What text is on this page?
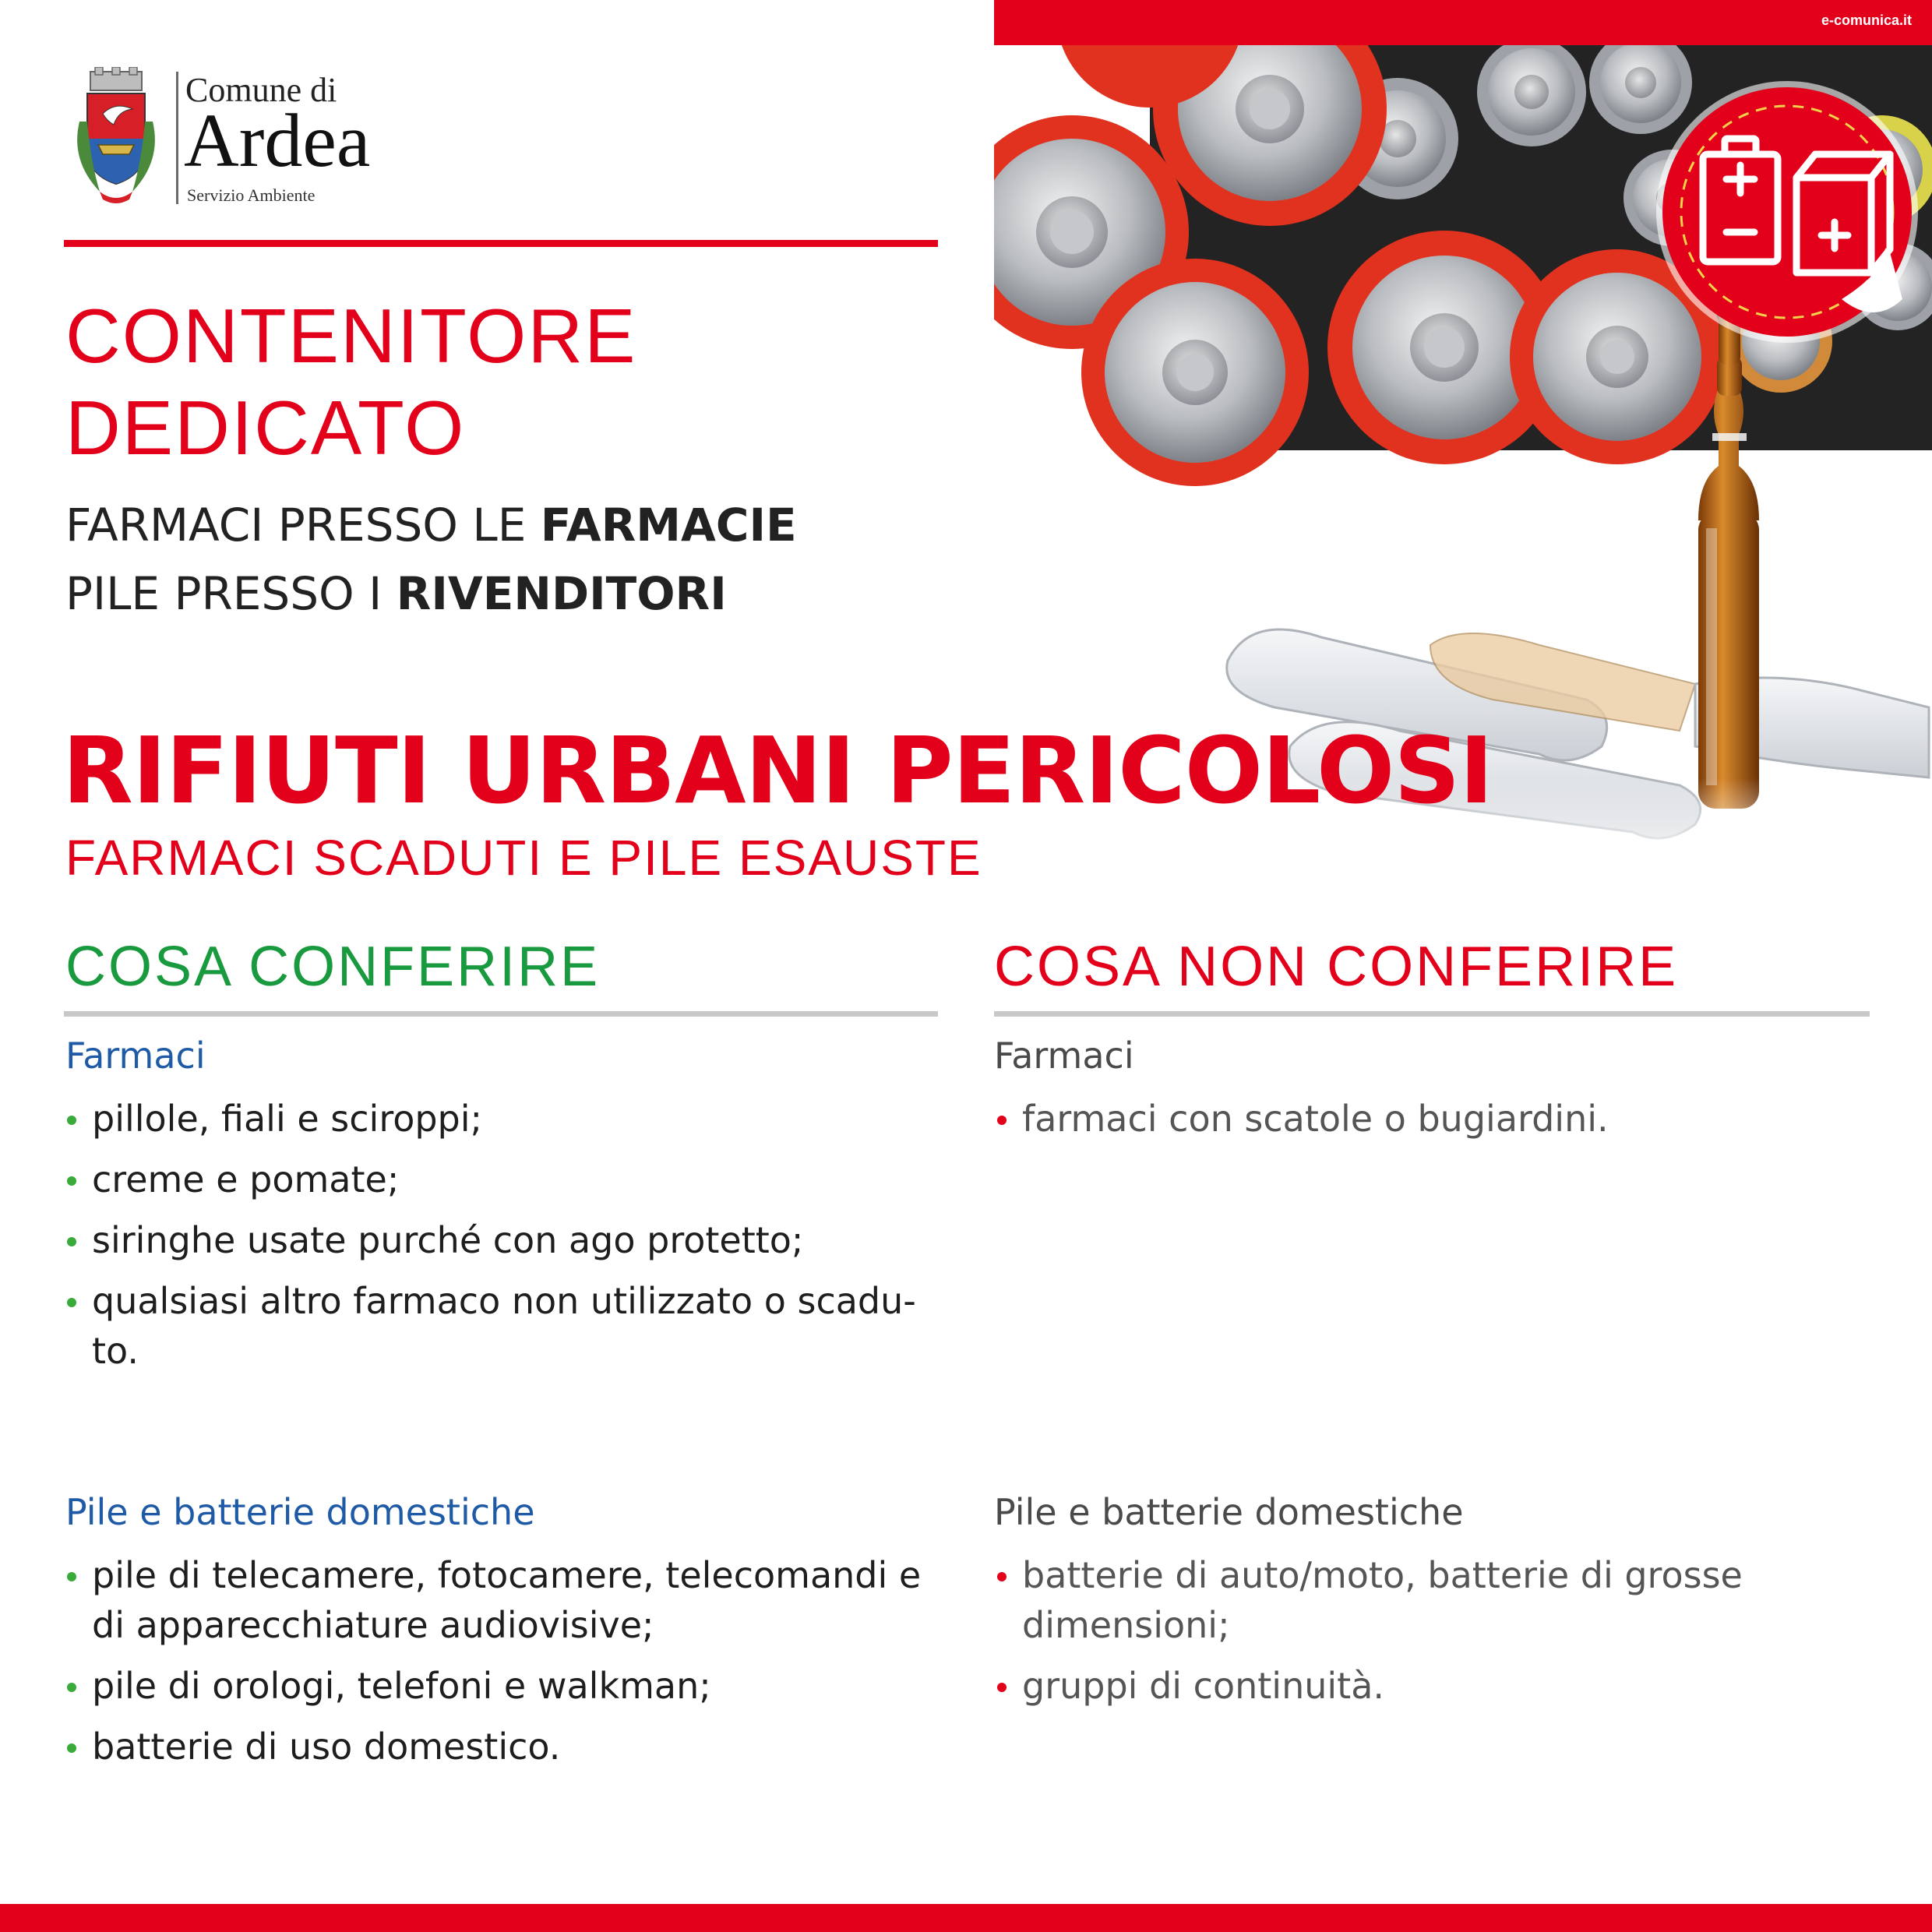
e-comunica.it
Comune di
Ardea
Servizio Ambiente
CONTENITORE
DEDICATO
FARMACI PRESSO LE FARMACIE
PILE PRESSO I RIVENDITORI
RIFIUTI URBANI PERICOLOSI
FARMACI SCADUTI E PILE ESAUSTE
COSA CONFERIRE
Farmaci
pillole, fiali e sciroppi;
creme e pomate;
siringhe usate purché con ago protetto;
qualsiasi altro farmaco non utilizzato o scadu- to.
Pile e batterie domestiche
pile di telecamere, fotocamere, telecomandi e di apparecchiature audiovisive;
pile di orologi, telefoni e walkman;
batterie di uso domestico.
COSA NON CONFERIRE
Farmaci
farmaci con scatole o bugiardini.
Pile e batterie domestiche
batterie di auto/moto, batterie di grosse dimensioni;
gruppi di continuità.
